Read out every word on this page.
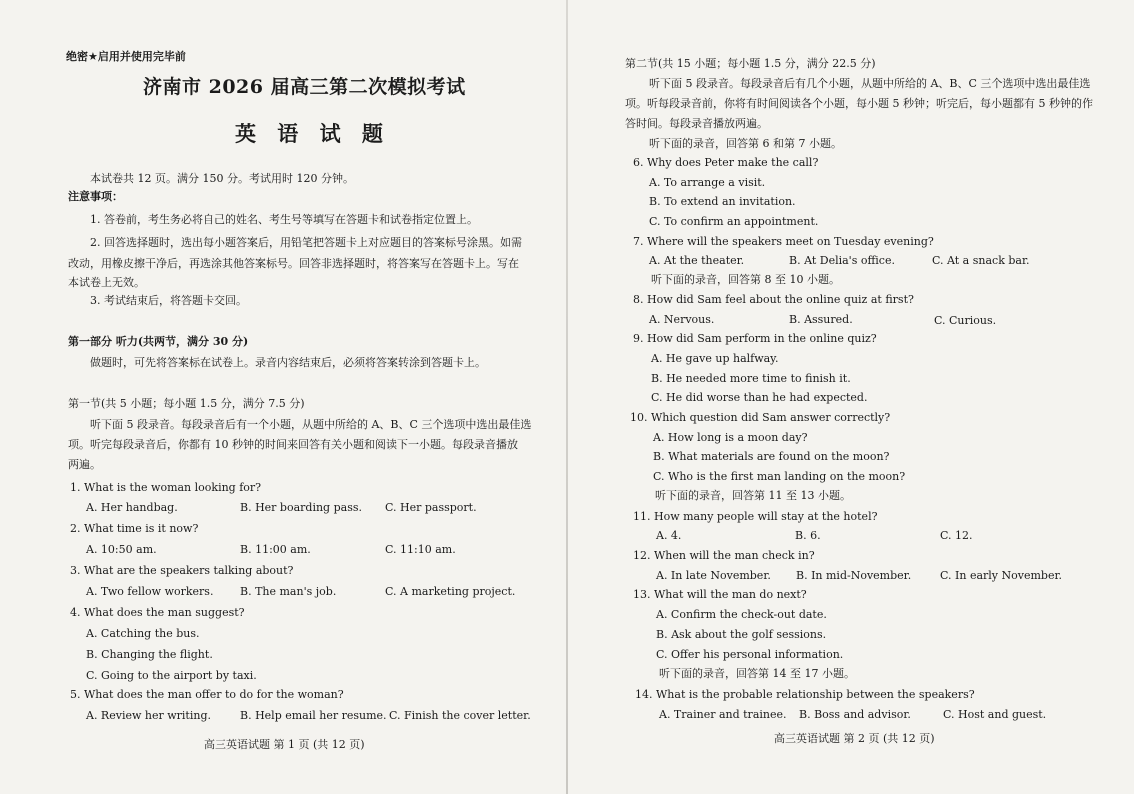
绝密★启用并使用完毕前
济南市 2026 届高三第二次模拟考试
英 语 试 题
本试卷共 12 页。满分 150 分。考试用时 120 分钟。
注意事项：
1. 答卷前，考生务必将自己的姓名、考生号等填写在答题卡和试卷指定位置上。
2. 回答选择题时，选出每小题答案后，用铅笔把答题卡上对应题目的答案标号涂黑。如需
改动，用橡皮擦干净后，再选涂其他答案标号。回答非选择题时，将答案写在答题卡上。写在
本试卷上无效。
3. 考试结束后，将答题卡交回。
第一部分 听力(共两节，满分 30 分)
做题时，可先将答案标在试卷上。录音内容结束后，必须将答案转涂到答题卡上。
第一节(共 5 小题；每小题 1.5 分，满分 7.5 分)
听下面 5 段录音。每段录音后有一个小题，从题中所给的 A、B、C 三个选项中选出最佳选
项。听完每段录音后，你都有 10 秒钟的时间来回答有关小题和阅读下一小题。每段录音播放
两遍。
1. What is the woman looking for?
A. Her handbag.	B. Her boarding pass. C. Her passport.
2. What time is it now?
A. 10:50 am.	B. 11:00 am.	C. 11:10 am.
3. What are the speakers talking about?
A. Two fellow workers. B. The man's job.	C. A marketing project.
4. What does the man suggest?
A. Catching the bus.
B. Changing the flight.
C. Going to the airport by taxi.
5. What does the man offer to do for the woman?
A. Review her writing.	B. Help email her resume. C. Finish the cover letter.
高三英语试题 第 1 页 (共 12 页)
第二节(共 15 小题；每小题 1.5 分，满分 22.5 分)
听下面 5 段录音。每段录音后有几个小题，从题中所给的 A、B、C 三个选项中选出最佳选
项。听每段录音前，你将有时间阅读各个小题，每小题 5 秒钟；听完后，每小题都有 5 秒钟的作
答时间。每段录音播放两遍。
听下面的录音，回答第 6 和第 7 小题。
6. Why does Peter make the call?
A. To arrange a visit.
B. To extend an invitation.
C. To confirm an appointment.
7. Where will the speakers meet on Tuesday evening?
A. At the theater.	B. At Delia's office.	C. At a snack bar.
听下面的录音，回答第 8 至 10 小题。
8. How did Sam feel about the online quiz at first?
A. Nervous.	B. Assured.	C. Curious.
9. How did Sam perform in the online quiz?
A. He gave up halfway.
B. He needed more time to finish it.
C. He did worse than he had expected.
10. Which question did Sam answer correctly?
A. How long is a moon day?
B. What materials are found on the moon?
C. Who is the first man landing on the moon?
听下面的录音，回答第 11 至 13 小题。
11. How many people will stay at the hotel?
A. 4.	B. 6.	C. 12.
12. When will the man check in?
A. In late November. B. In mid-November.	C. In early November.
13. What will the man do next?
A. Confirm the check-out date.
B. Ask about the golf sessions.
C. Offer his personal information.
听下面的录音，回答第 14 至 17 小题。
14. What is the probable relationship between the speakers?
A. Trainer and trainee. B. Boss and advisor.	C. Host and guest.
高三英语试题 第 2 页 (共 12 页)
